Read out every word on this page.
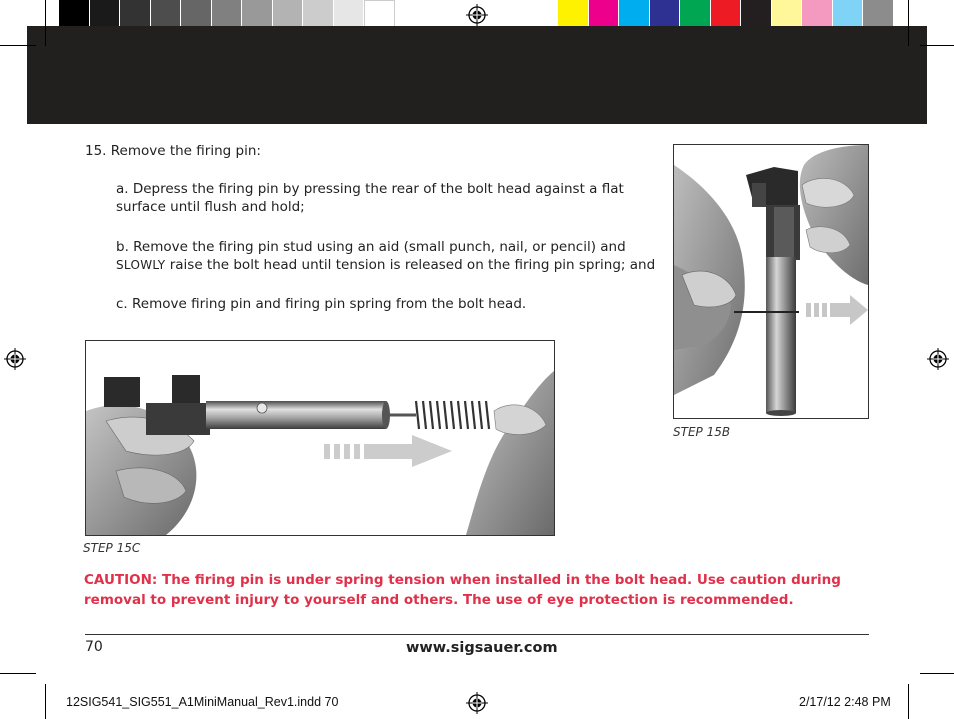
15. Remove the firing pin:
a. Depress the firing pin by pressing the rear of the bolt head against a flat surface until flush and hold;
b. Remove the firing pin stud using an aid (small punch, nail, or pencil) and SLOWLY raise the bolt head until tension is released on the firing pin spring; and
c. Remove firing pin and firing pin spring from the bolt head.
STEP 15B
STEP 15C
CAUTION: The firing pin is under spring tension when installed in the bolt head. Use caution during removal to prevent injury to yourself and others. The use of eye protection is recommended.
70	www.sigsauer.com
12SIG541_SIG551_A1MiniManual_Rev1.indd 70	2/17/12 2:48 PM
